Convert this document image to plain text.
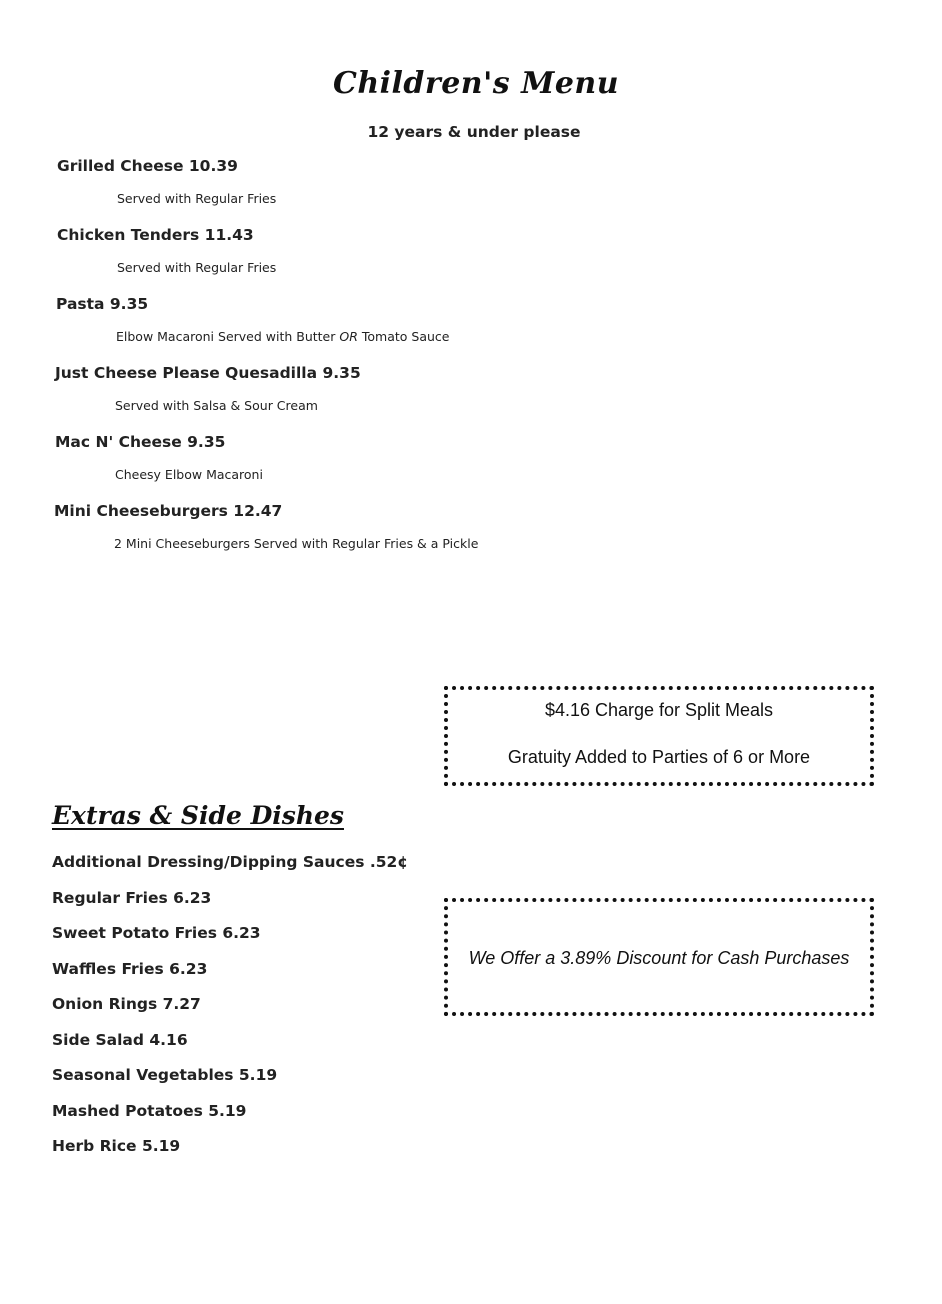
Children's Menu
12 years & under please
Grilled Cheese 10.39
Served with Regular Fries
Chicken Tenders 11.43
Served with Regular Fries
Pasta 9.35
Elbow Macaroni Served with Butter OR Tomato Sauce
Just Cheese Please Quesadilla 9.35
Served with Salsa & Sour Cream
Mac N' Cheese 9.35
Cheesy Elbow Macaroni
Mini Cheeseburgers 12.47
2 Mini Cheeseburgers Served with Regular Fries & a Pickle
$4.16 Charge for Split Meals
Gratuity Added to Parties of 6 or More
Extras & Side Dishes
Additional Dressing/Dipping Sauces .52¢
Regular Fries 6.23
Sweet Potato Fries 6.23
Waffles Fries 6.23
Onion Rings 7.27
Side Salad 4.16
Seasonal Vegetables 5.19
Mashed Potatoes 5.19
Herb Rice 5.19
We Offer a 3.89% Discount for Cash Purchases
